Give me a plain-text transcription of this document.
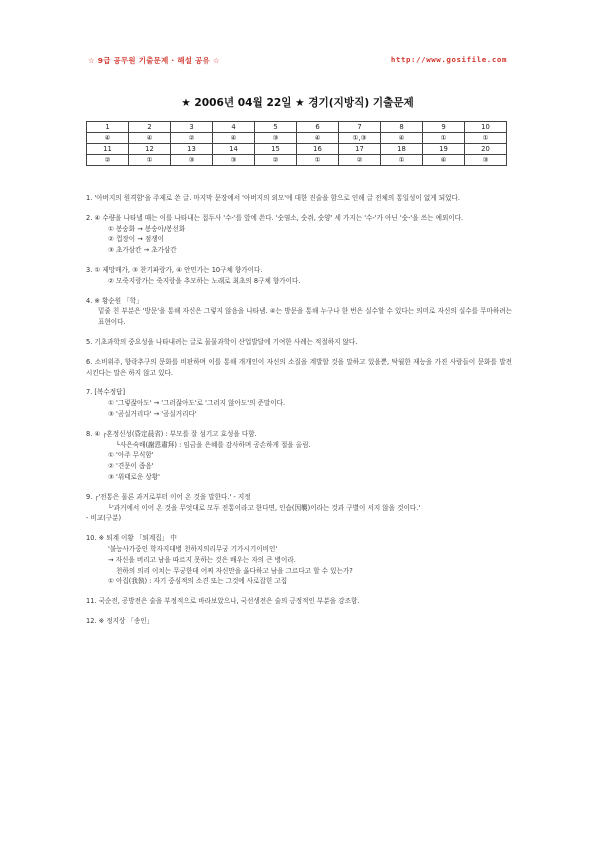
☆ 9급 공무원 기출문제 · 해설 공유 ☆	http://www.gosifile.com
★ 2006년 04월 22일 ★ 경기(지방직) 기출문제
1	2	3	4	5	6	7	8	9	10
④	④	②	④	③	④	①,③	④	①	①
11	12	13	14	15	16	17	18	19	20
②	①	③	③	②	①	②	①	④	③
1. '아버지의 원격함'을 주제로 쓴 글. 마지막 문장에서 '아버지의 외모'에 대한 진술을 함으로 인해 글 전체의 통일성이 없게 되었다.
2. ④ 수량을 나타낼 때는 이를 나타내는 접두사 '수-'를 앞에 쓴다. '숫염소, 숫쥐, 숫양' 세 가지는 '수-'가 아닌 '숫-'을 쓰는 예외이다.
① 봉숭화 → 봉숭아/봉선화
② 껍장이 → 점쟁이
③ 초가삼칸 → 초가삼간
3. ① 제망매가, ③ 찬기파랑가, ④ 안민가는 10구체 향가이다.
② 모죽지랑가는 죽지랑을 추모하는 노래로 최초의 8구체 향가이다.
4. ※ 황순원 「학」
밑줄 친 부분은 '방문'을 통해 자신은 그렇지 않음을 나타냄. ④는 방문을 통해 누구나 한 번은 실수할 수 있다는 의미로 자신의 실수를 무마하려는 표현이다.
5. 기초과학의 중요성을 나타내려는 글로 물물과학이 산업발달에 기여한 사례는 적절하지 않다.
6. 소비위주, 향락추구의 문화를 비판하며 이를 통해 개개인이 자신의 소질을 계발할 것을 말하고 있을뿐, 탁월한 재능을 가진 사람들이 문화를 발전시킨다는 말은 하지 않고 있다.
7. [복수정답]
① '그렇잖아도' → '그러잖아도'로 '그러지 않아도'의 준말이다.
③ '곰실거리다' → '곰실거리다'
8. ④ ┌혼정신성(昏定晨省) : 부모를 잘 섬기고 효성을 다함.
└사은숙배(謝恩肅拜) : 임금을 은혜를 감사하며 공손하게 절을 올림.
① '아주 무식함'
② '견문이 좁음'
③ '위태로운 상황'
9. ┌'전통은 물론 과거로부터 이어 온 것을 말한다.' - 지정
└'과거에서 이어 온 것을 무엇대로 모두 전통이라고 한다면, 인습(因襲)이라는 것과 구별이 서지 않을 것이다.'
- 비교(구분)
10. ※ 퇴계 이황 「퇴계집」 中
'불능사가중인 학자지대병 천하지의리무궁 기가시기이비인'
→ 자신을 버리고 남을 따르지 못하는 것은 배우는 자의 큰 병이라.
천하의 의리 이치는 무궁한데 어찌 자신만을 옳다하고 남을 그르다고 할 수 있는가?
① 아집(我執) : 자기 중심적의 소견 또는 그것에 사로잡힌 고집
11. 국순전, 공방전은 술을 부정적으로 바라보았으나, 국선생전은 술의 긍정적인 부분을 강조함.
12. ※ 정지상 「송인」
